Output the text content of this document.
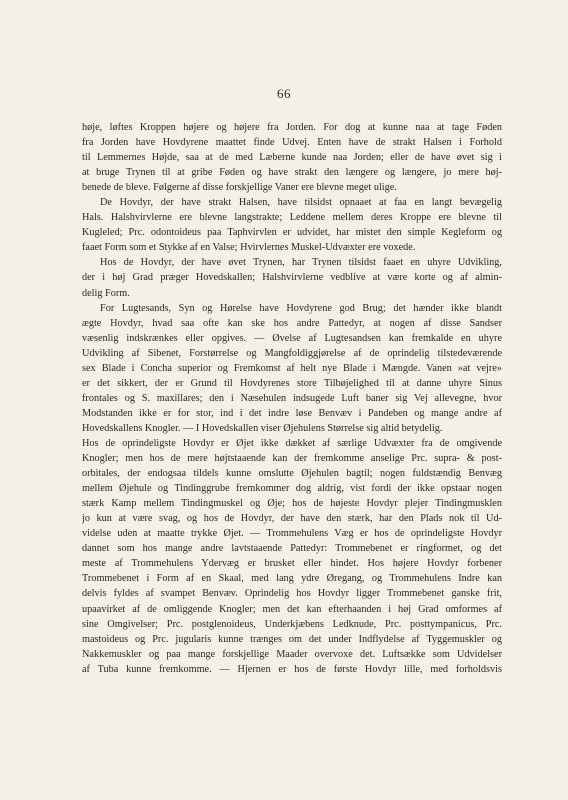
66
høje, løftes Kroppen højere og højere fra Jorden. For dog at kunne naa at tage Føden
fra Jorden have Hovdyrene maattet finde Udvej. Enten have de strakt Halsen i Forhold
til Lemmernes Højde, saa at de med Læberne kunde naa Jorden; eller de have øvet sig i
at bruge Trynen til at gribe Føden og have strakt den længere og længere, jo mere høj-
benede de bleve. Følgerne af disse forskjellige Vaner ere blevne meget ulige.
De Hovdyr, der have strakt Halsen, have tilsidst opnaaet at faa en langt bevægelig
Hals. Halshvirvlerne ere blevne langstrakte; Leddene mellem deres Kroppe ere blevne til
Kugleled; Prc. odontoideus paa Taphvirvlen er udvidet, har mistet den simple Kegleform og
faaet Form som et Stykke af en Valse; Hvirvlernes Muskel-Udvæxter ere voxede.
Hos de Hovdyr, der have øvet Trynen, har Trynen tilsidst faaet en uhyre Udvikling,
der i høj Grad præger Hovedskallen; Halshvirvlerne vedblive at være korte og af almin-
delig Form.
For Lugtesands, Syn og Hørelse have Hovdyrene god Brug; det hænder ikke blandt
ægte Hovdyr, hvad saa ofte kan ske hos andre Pattedyr, at nogen af disse Sandser
væsenlig indskrænkes eller opgives. — Øvelse af Lugtesandsen kan fremkalde en uhyre
Udvikling af Sibenet, Forstørrelse og Mangfoldiggjørelse af de oprindelig tilstedeværende
sex Blade i Concha superior og Fremkomst af helt nye Blade i Mængde. Vanen »at vejre»
er det sikkert, der er Grund til Hovdyrenes store Tilbøjelighed til at danne uhyre Sinus
frontales og S. maxillares; den i Næsehulen indsugede Luft baner sig Vej allevegne, hvor
Modstanden ikke er for stor, ind i det indre løse Benvæv i Pandeben og mange andre af
Hovedskallens Knogler. — I Hovedskallen viser Øjehulens Størrelse sig altid betydelig.
Hos de oprindeligste Hovdyr er Øjet ikke dækket af særlige Udvæxter fra de omgivende
Knogler; men hos de mere højtstaaende kan der fremkomme anselige Prc. supra- & post-
orbitales, der endogsaa tildels kunne omslutte Øjehulen bagtil; nogen fuldstændig Benvæg
mellem Øjehule og Tindinggrube fremkommer dog aldrig, vist fordi der ikke opstaar nogen
stærk Kamp mellem Tindingmuskel og Øje; hos de højeste Hovdyr plejer Tindingmusklen
jo kun at være svag, og hos de Hovdyr, der have den stærk, har den Plads nok til Ud-
videlse uden at maatte trykke Øjet. — Trommehulens Væg er hos de oprindeligste Hovdyr
dannet som hos mange andre lavtstaaende Pattedyr: Trommebenet er ringformet, og det
meste af Trommehulens Ydervæg er brusket eller hindet. Hos højere Hovdyr forbener
Trommebenet i Form af en Skaal, med lang ydre Øregang, og Trommehulens Indre kan
delvis fyldes af svampet Benvæv. Oprindelig hos Hovdyr ligger Trommebenet ganske frit,
upaavirket af de omliggende Knogler; men det kan efterhaanden i høj Grad omformes af
sine Omgivelser; Prc. postglenoideus, Underkjæbens Ledknude, Prc. posttympanicus, Prc.
mastoideus og Prc. jugularis kunne trænges om det under Indflydelse af Tyggemuskler og
Nakkemuskler og paa mange forskjellige Maader overvoxe det. Luftsække som Udvidelser
af Tuba kunne fremkomme. — Hjernen er hos de første Hovdyr lille, med forholdsvis
